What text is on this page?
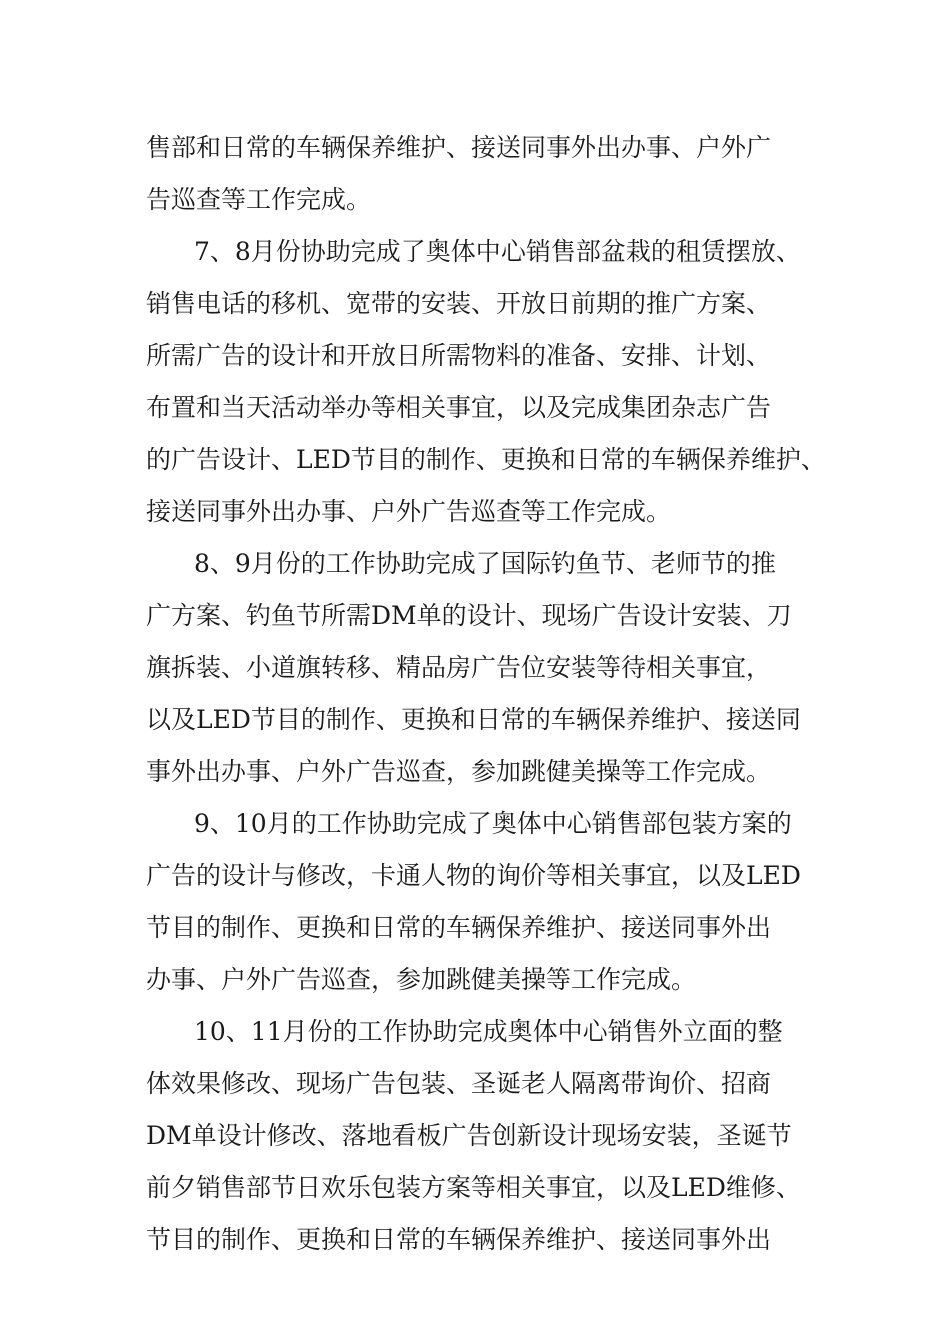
售部和日常的车辆保养维护、接送同事外出办事、户外广
告巡查等工作完成。
7、8月份协助完成了奥体中心销售部盆栽的租赁摆放、
销售电话的移机、宽带的安装、开放日前期的推广方案、
所需广告的设计和开放日所需物料的准备、安排、计划、
布置和当天活动举办等相关事宜，以及完成集团杂志广告
的广告设计、LED节目的制作、更换和日常的车辆保养维护、
接送同事外出办事、户外广告巡查等工作完成。
8、9月份的工作协助完成了国际钓鱼节、老师节的推
广方案、钓鱼节所需DM单的设计、现场广告设计安装、刀
旗拆装、小道旗转移、精品房广告位安装等待相关事宜，
以及LED节目的制作、更换和日常的车辆保养维护、接送同
事外出办事、户外广告巡查，参加跳健美操等工作完成。
9、10月的工作协助完成了奥体中心销售部包装方案的
广告的设计与修改，卡通人物的询价等相关事宜，以及LED
节目的制作、更换和日常的车辆保养维护、接送同事外出
办事、户外广告巡查，参加跳健美操等工作完成。
10、11月份的工作协助完成奥体中心销售外立面的整
体效果修改、现场广告包装、圣诞老人隔离带询价、招商
DM单设计修改、落地看板广告创新设计现场安装，圣诞节
前夕销售部节日欢乐包装方案等相关事宜，以及LED维修、
节目的制作、更换和日常的车辆保养维护、接送同事外出
